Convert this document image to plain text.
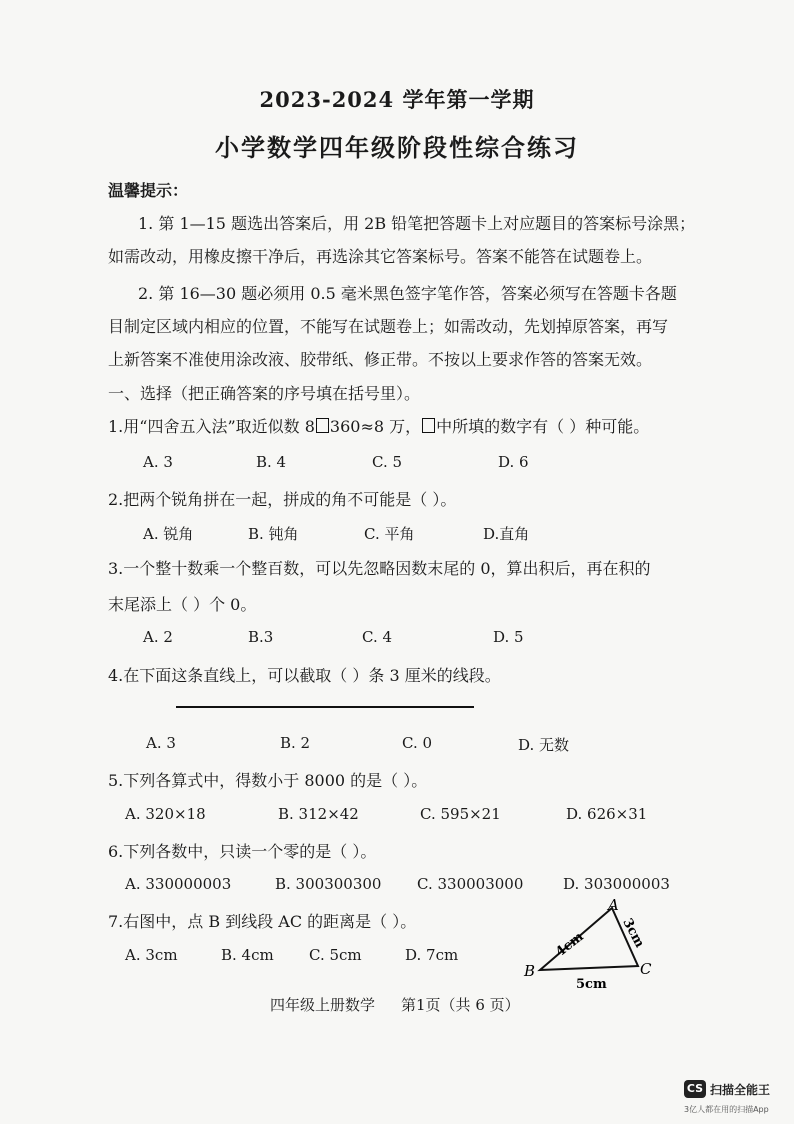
2023-2024 学年第一学期
小学数学四年级阶段性综合练习
温馨提示：
1. 第 1—15 题选出答案后，用 2B 铅笔把答题卡上对应题目的答案标号涂黑；
如需改动，用橡皮擦干净后，再选涂其它答案标号。答案不能答在试题卷上。
2. 第 16—30 题必须用 0.5 毫米黑色签字笔作答，答案必须写在答题卡各题
目制定区域内相应的位置，不能写在试题卷上；如需改动，先划掉原答案，再写
上新答案不准使用涂改液、胶带纸、修正带。不按以上要求作答的答案无效。
一、选择（把正确答案的序号填在括号里）。
1.用“四舍五入法”取近似数 8 360≈8 万， 中所填的数字有（ ）种可能。
A. 3	B. 4	C. 5	D. 6
2.把两个锐角拼在一起，拼成的角不可能是（ ）。
A. 锐角	B. 钝角	C. 平角	D.直角
3.一个整十数乘一个整百数，可以先忽略因数末尾的 0，算出积后，再在积的
末尾添上（ ）个 0。
A. 2	B.3	C. 4	D. 5
4.在下面这条直线上，可以截取（ ）条 3 厘米的线段。
A. 3	B. 2	C. 0	D. 无数
5.下列各算式中，得数小于 8000 的是（ ）。
A. 320×18	B. 312×42	C. 595×21	D. 626×31
6.下列各数中，只读一个零的是（ ）。
A. 330000003	B. 300300300 C. 330003000	D. 303000003
7.右图中，点 B 到线段 AC 的距离是（ ）。
A. 3cm	B. 4cm C. 5cm	D. 7cm
A
B	C
4cm	3cm
5cm
四年级上册数学 第1页（共 6 页）
CS 扫描全能王
3亿人都在用的扫描App
